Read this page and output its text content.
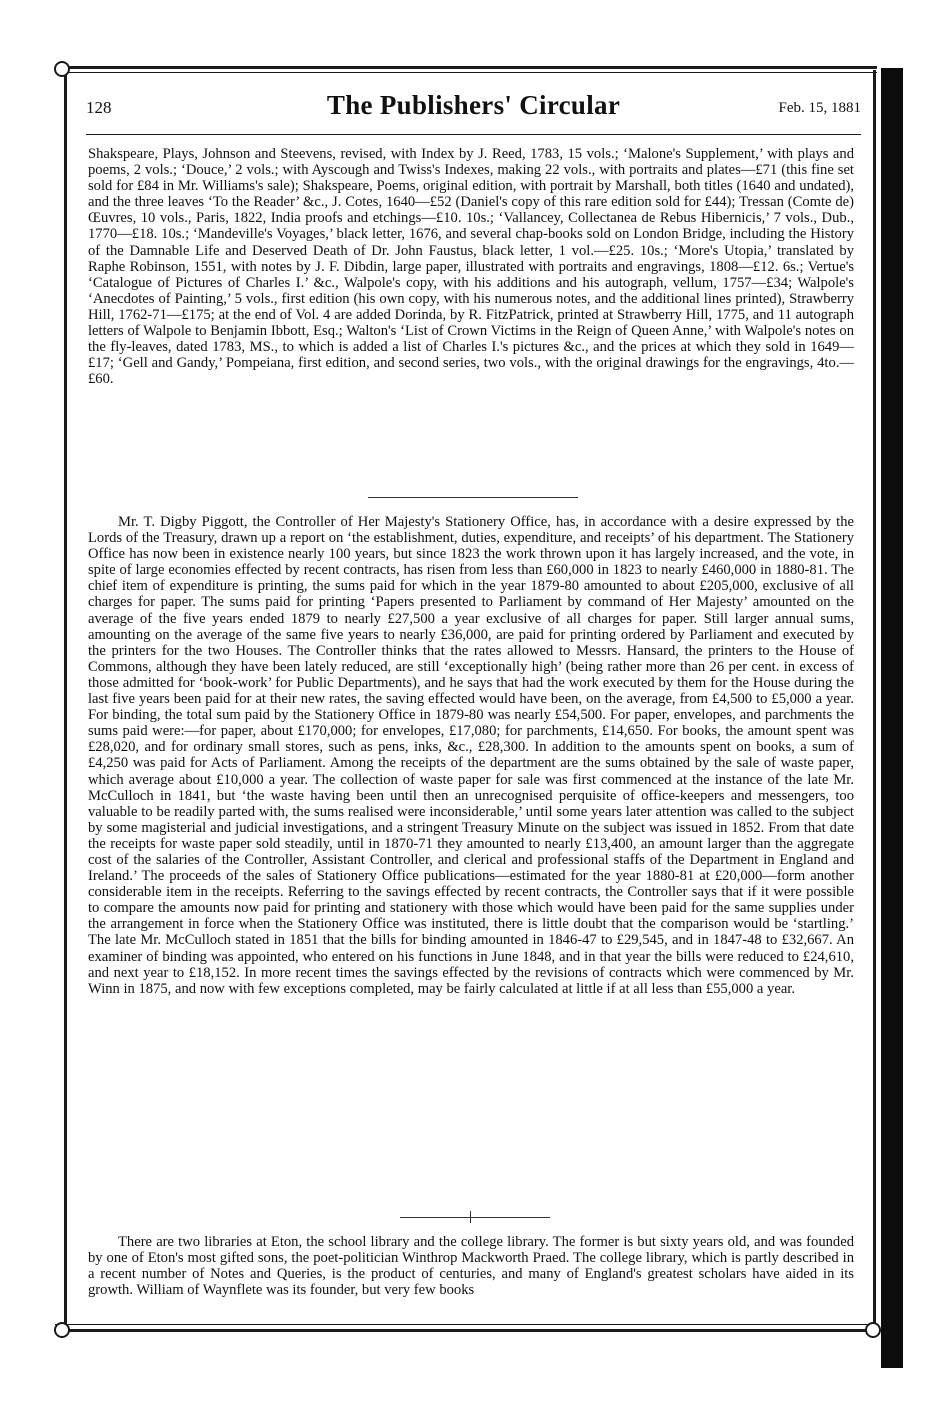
128	The Publishers' Circular	Feb. 15, 1881

Shakspeare, Plays, Johnson and Steevens, revised, with Index by J. Reed, 1783, 15 vols.; ‘Malone's Supplement,’ with plays and poems, 2 vols.; ‘Douce,’ 2 vols.; with Ayscough and Twiss's Indexes, making 22 vols., with portraits and plates—£71 (this fine set sold for £84 in Mr. Williams's sale); Shakspeare, Poems, original edition, with portrait by Marshall, both titles (1640 and undated), and the three leaves ‘To the Reader’ &c., J. Cotes, 1640—£52 (Daniel's copy of this rare edition sold for £44); Tressan (Comte de) Œuvres, 10 vols., Paris, 1822, India proofs and etchings—£10. 10s.; ‘Vallancey, Collectanea de Rebus Hibernicis,’ 7 vols., Dub., 1770—£18. 10s.; ‘Mandeville's Voyages,’ black letter, 1676, and several chap-books sold on London Bridge, including the History of the Damnable Life and Deserved Death of Dr. John Faustus, black letter, 1 vol.—£25. 10s.; ‘More's Utopia,’ translated by Raphe Robinson, 1551, with notes by J. F. Dibdin, large paper, illustrated with portraits and engravings, 1808—£12. 6s.; Vertue's ‘Catalogue of Pictures of Charles I.’ &c., Walpole's copy, with his additions and his autograph, vellum, 1757—£34; Walpole's ‘Anecdotes of Painting,’ 5 vols., first edition (his own copy, with his numerous notes, and the additional lines printed), Strawberry Hill, 1762-71—£175; at the end of Vol. 4 are added Dorinda, by R. FitzPatrick, printed at Strawberry Hill, 1775, and 11 autograph letters of Walpole to Benjamin Ibbott, Esq.; Walton's ‘List of Crown Victims in the Reign of Queen Anne,’ with Walpole's notes on the fly-leaves, dated 1783, MS., to which is added a list of Charles I.'s pictures &c., and the prices at which they sold in 1649—£17; ‘Gell and Gandy,’ Pompeiana, first edition, and second series, two vols., with the original drawings for the engravings, 4to.—£60.

Mr. T. Digby Piggott, the Controller of Her Majesty's Stationery Office, has, in accordance with a desire expressed by the Lords of the Treasury, drawn up a report on ‘the establishment, duties, expenditure, and receipts’ of his department. The Stationery Office has now been in existence nearly 100 years, but since 1823 the work thrown upon it has largely increased, and the vote, in spite of large economies effected by recent contracts, has risen from less than £60,000 in 1823 to nearly £460,000 in 1880-81. The chief item of expenditure is printing, the sums paid for which in the year 1879-80 amounted to about £205,000, exclusive of all charges for paper. The sums paid for printing ‘Papers presented to Parliament by command of Her Majesty’ amounted on the average of the five years ended 1879 to nearly £27,500 a year exclusive of all charges for paper. Still larger annual sums, amounting on the average of the same five years to nearly £36,000, are paid for printing ordered by Parliament and executed by the printers for the two Houses. The Controller thinks that the rates allowed to Messrs. Hansard, the printers to the House of Commons, although they have been lately reduced, are still ‘exceptionally high’ (being rather more than 26 per cent. in excess of those admitted for ‘book-work’ for Public Departments), and he says that had the work executed by them for the House during the last five years been paid for at their new rates, the saving effected would have been, on the average, from £4,500 to £5,000 a year. For binding, the total sum paid by the Stationery Office in 1879-80 was nearly £54,500. For paper, envelopes, and parchments the sums paid were:—for paper, about £170,000; for envelopes, £17,080; for parchments, £14,650. For books, the amount spent was £28,020, and for ordinary small stores, such as pens, inks, &c., £28,300. In addition to the amounts spent on books, a sum of £4,250 was paid for Acts of Parliament. Among the receipts of the department are the sums obtained by the sale of waste paper, which average about £10,000 a year. The collection of waste paper for sale was first commenced at the instance of the late Mr. McCulloch in 1841, but ‘the waste having been until then an unrecognised perquisite of office-keepers and messengers, too valuable to be readily parted with, the sums realised were inconsiderable,’ until some years later attention was called to the subject by some magisterial and judicial investigations, and a stringent Treasury Minute on the subject was issued in 1852. From that date the receipts for waste paper sold steadily, until in 1870-71 they amounted to nearly £13,400, an amount larger than the aggregate cost of the salaries of the Controller, Assistant Controller, and clerical and professional staffs of the Department in England and Ireland.’ The proceeds of the sales of Stationery Office publications—estimated for the year 1880-81 at £20,000—form another considerable item in the receipts. Referring to the savings effected by recent contracts, the Controller says that if it were possible to compare the amounts now paid for printing and stationery with those which would have been paid for the same supplies under the arrangement in force when the Stationery Office was instituted, there is little doubt that the comparison would be ‘startling.’ The late Mr. McCulloch stated in 1851 that the bills for binding amounted in 1846-47 to £29,545, and in 1847-48 to £32,667. An examiner of binding was appointed, who entered on his functions in June 1848, and in that year the bills were reduced to £24,610, and next year to £18,152. In more recent times the savings effected by the revisions of contracts which were commenced by Mr. Winn in 1875, and now with few exceptions completed, may be fairly calculated at little if at all less than £55,000 a year.

There are two libraries at Eton, the school library and the college library. The former is but sixty years old, and was founded by one of Eton's most gifted sons, the poet-politician Winthrop Mackworth Praed. The college library, which is partly described in a recent number of Notes and Queries, is the product of centuries, and many of England's greatest scholars have aided in its growth. William of Waynflete was its founder, but very few books
